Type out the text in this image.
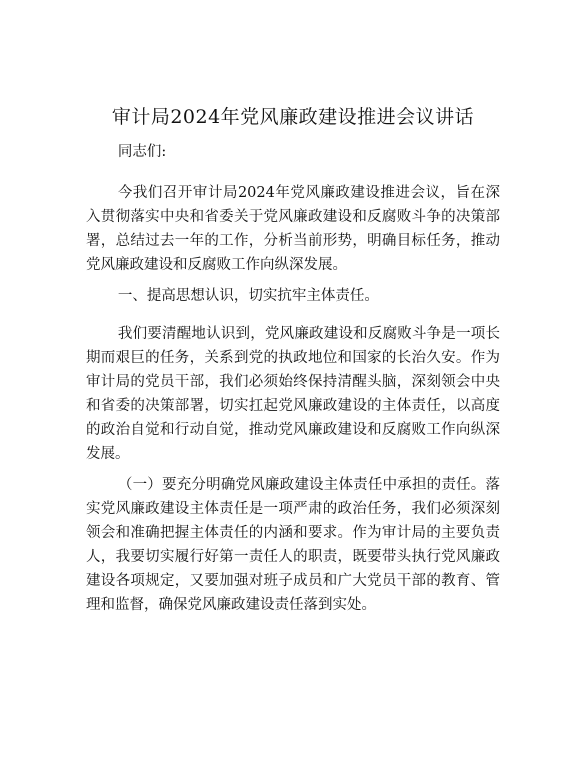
审计局2024年党风廉政建设推进会议讲话

同志们:

今我们召开审计局2024年党风廉政建设推进会议，旨在深入贯彻落实中央和省委关于党风廉政建设和反腐败斗争的决策部署，总结过去一年的工作，分析当前形势，明确目标任务，推动党风廉政建设和反腐败工作向纵深发展。

一、提高思想认识，切实抗牢主体责任。

我们要清醒地认识到，党风廉政建设和反腐败斗争是一项长期而艰巨的任务，关系到党的执政地位和国家的长治久安。作为审计局的党员干部，我们必须始终保持清醒头脑，深刻领会中央和省委的决策部署，切实扛起党风廉政建设的主体责任，以高度的政治自觉和行动自觉，推动党风廉政建设和反腐败工作向纵深发展。

（一）要充分明确党风廉政建设主体责任中承担的责任。落实党风廉政建设主体责任是一项严肃的政治任务，我们必须深刻领会和准确把握主体责任的内涵和要求。作为审计局的主要负责人，我要切实履行好第一责任人的职责，既要带头执行党风廉政建设各项规定，又要加强对班子成员和广大党员干部的教育、管理和监督，确保党风廉政建设责任落到实处。
